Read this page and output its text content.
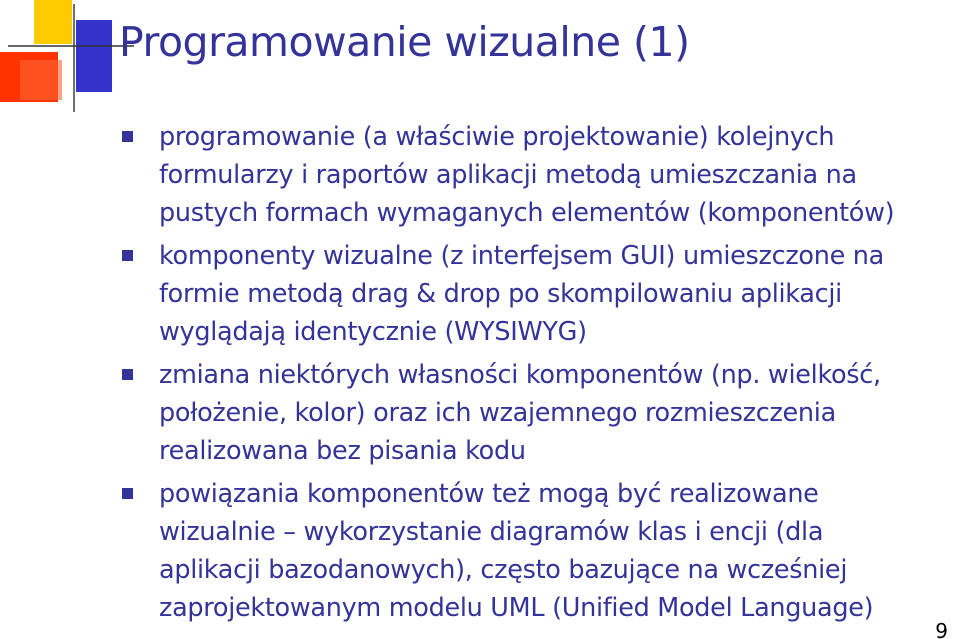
Programowanie wizualne (1)
programowanie (a właściwie projektowanie) kolejnych
formularzy i raportów aplikacji metodą umieszczania na
pustych formach wymaganych elementów (komponentów)
komponenty wizualne (z interfejsem GUI) umieszczone na
formie metodą drag & drop po skompilowaniu aplikacji
wyglądają identycznie (WYSIWYG)
zmiana niektórych własności komponentów (np. wielkość,
położenie, kolor) oraz ich wzajemnego rozmieszczenia
realizowana bez pisania kodu
powiązania komponentów też mogą być realizowane
wizualnie – wykorzystanie diagramów klas i encji (dla
aplikacji bazodanowych), często bazujące na wcześniej
zaprojektowanym modelu UML (Unified Model Language)
9
